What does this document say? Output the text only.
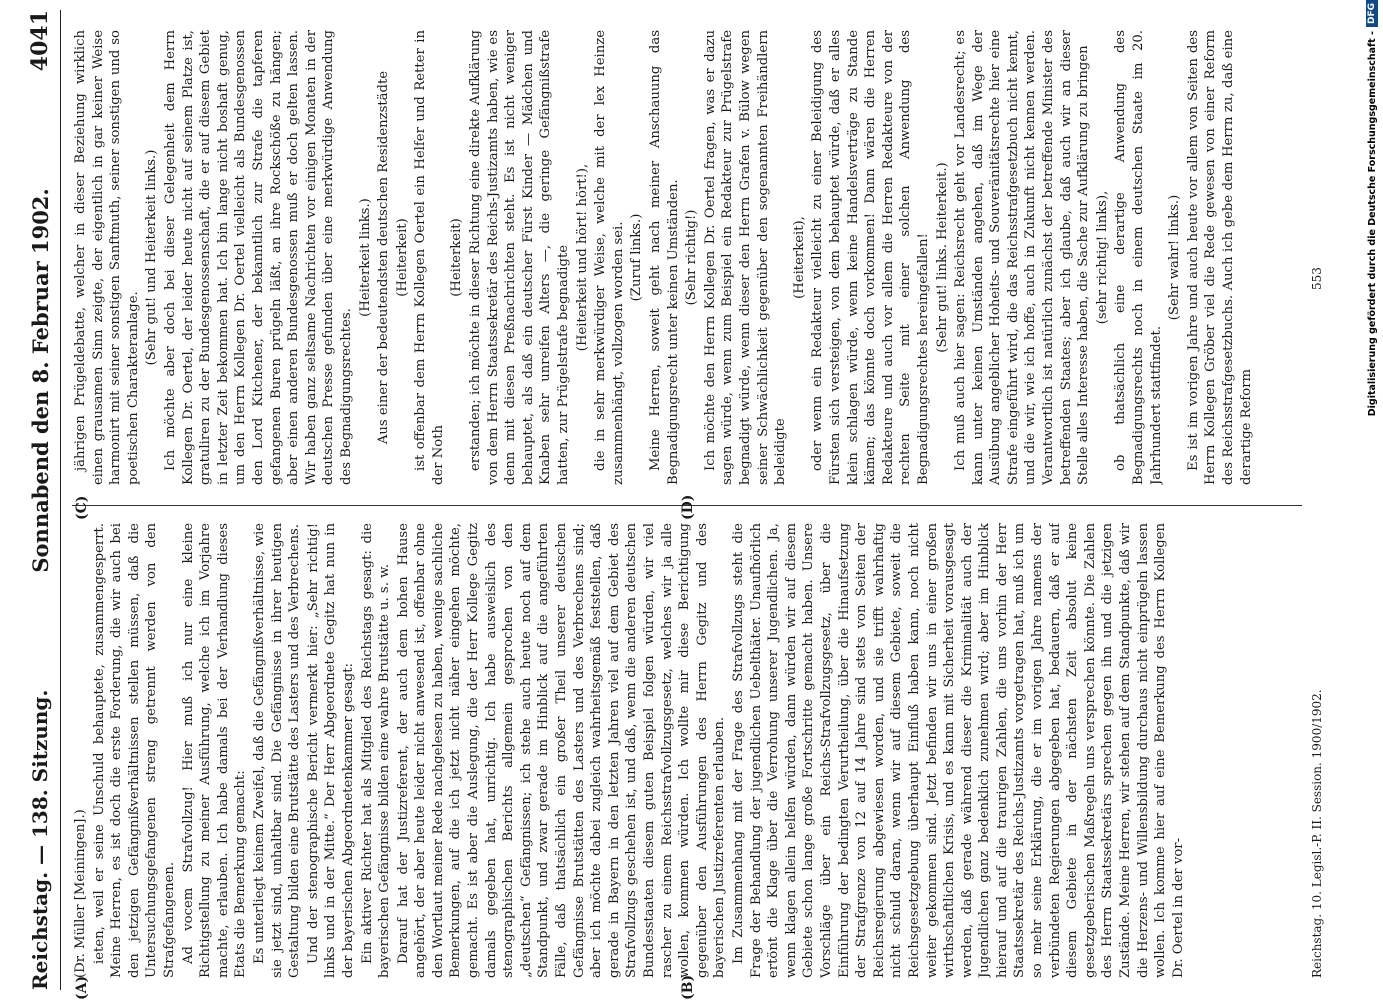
Reichstag. — 138. Sitzung.
Sonnabend den 8. Februar 1902.
4041

(Dr. Müller [Meiningen].) ieten, weil er seine Unschuld behauptete, zusammengesperrt. Meine Herren, es ist doch die erste Forderung, die wir auch bei den jetzigen Gefängnißverhältnissen stellen müssen, daß die Untersuchungsgefangenen streng getrennt werden von den Strafgefangenen. Ad vocem Strafvollzug! Hier muß ich nur eine kleine Richtigstellung zu meiner Ausführung, welche ich im Vorjahre machte, erlauben. Ich habe damals bei der Verhandlung dieses Etats die Bemerkung gemacht: Es unterliegt keinem Zweifel, daß die Gefängnißverhältnisse, wie sie jetzt sind, unhaltbar sind. Die Gefängnisse in ihrer heutigen Gestaltung bilden eine Brutstätte des Lasters und des Verbrechens. Und der stenographische Bericht vermerkt hier: „Sehr richtig! links und in der Mitte.“ Der Herr Abgeordnete Gegitz hat nun in der bayerischen Abgeordnetenkammer gesagt: Ein aktiver Richter hat als Mitglied des Reichstags gesagt: die bayerischen Gefängnisse bilden eine wahre Brutstätte u. s. w. Darauf hat der Justizreferent, der auch dem hohen Hause angehört, der aber heute leider nicht anwesend ist, offenbar ohne den Wortlaut meiner Rede nachgelesen zu haben, wenige sachliche Bemerkungen, auf die ich jetzt nicht näher eingehen möchte, gemacht. Es ist aber die Auslegung, die der Herr Kollege Gegitz damals gegeben hat, unrichtig. Ich habe ausweislich des stenographischen Berichts allgemein gesprochen von den „deutschen“ Gefängnissen; ich stehe auch heute noch auf dem Standpunkt, und zwar gerade im Hinblick auf die angeführten Fälle, daß thatsächlich ein großer Theil unserer deutschen Gefängnisse Brutstätten des Lasters und des Verbrechens sind; aber ich möchte dabei zugleich wahrheitsgemäß feststellen, daß gerade in Bayern in den letzten Jahren viel auf dem Gebiet des Strafvollzugs geschehen ist, und daß, wenn die anderen deutschen Bundesstaaten diesem guten Beispiel folgen würden, wir viel rascher zu einem Reichsstrafvollzugsgesetz, welches wir ja alle wollen, kommen würden. Ich wollte mir diese Berichtigung gegenüber den Ausführungen des Herrn Gegitz und des bayerischen Justizreferenten erlauben. Im Zusammenhang mit der Frage des Strafvollzugs steht die Frage der Behandlung der jugendlichen Uebelthäter. Unaufhörlich ertönt die Klage über die Verrohung unserer Jugendlichen. Ja, wenn klagen allein helfen würden, dann würden wir auf diesem Gebiete schon lange große Fortschritte gemacht haben. Unsere Vorschläge über ein Reichs-Strafvollzugsgesetz, über die Einführung der bedingten Verurtheilung, über die Hinaufsetzung der Strafgrenze von 12 auf 14 Jahre sind stets von Seiten der Reichsregierung abgewiesen worden, und sie trifft wahrhaftig nicht schuld daran, wenn wir auf diesem Gebiete, soweit die Reichsgesetzgebung überhaupt Einfluß haben kann, noch nicht weiter gekommen sind. Jetzt befinden wir uns in einer großen wirthschaftlichen Krisis, und es kann mit Sicherheit vorausgesagt werden, daß gerade während dieser die Kriminalität auch der Jugendlichen ganz bedenklich zunehmen wird; aber im Hinblick hierauf und auf die traurigen Zahlen, die uns vorhin der Herr Staatssekretär des Reichs-Justizamts vorgetragen hat, muß ich um so mehr seine Erklärung, die er im vorigen Jahre namens der verbündeten Regierungen abgegeben hat, bedauern, daß er auf diesem Gebiete in der nächsten Zeit absolut keine gesetzgeberischen Maßregeln uns versprechen könnte. Die Zahlen des Herrn Staatssekretärs sprechen gegen ihn und die jetzigen Zustände. Meine Herren, wir stehen auf dem Standpunkte, daß wir die Herzens- und Willensbildung durchaus nicht einprügeln lassen wollen. Ich komme hier auf eine Bemerkung des Herrn Kollegen Dr. Oertel in der vor-

jährigen Prügeldebatte, welcher in dieser Beziehung wirklich einen grausamen Sinn zeigte, der eigentlich in gar keiner Weise harmonirt mit seiner sonstigen Sanftmuth, seiner sonstigen und so poetischen Charakteranlage.

(Sehr gut! und Heiterkeit links.) Ich möchte aber doch bei dieser Gelegenheit dem Herrn Kollegen Dr. Oertel, der leider heute nicht auf seinem Platze ist, gratuliren zu der Bundesgenossenschaft, die er auf diesem Gebiet in letzter Zeit bekommen hat. Ich bin lange nicht boshaft genug, um den Herrn Kollegen Dr. Oertel vielleicht als Bundesgenossen den Lord Kitchener, der bekanntlich zur Strafe die tapferen gefangenen Buren prügeln läßt, an ihre Rockschöße zu hängen; aber einen anderen Bundesgenossen muß er doch gelten lassen. Wir haben ganz seltsame Nachrichten vor einigen Monaten in der deutschen Presse gefunden über eine merkwürdige Anwendung des Begnadigungsrechtes.

(Heiterkeit links.) Aus einer der bedeutendsten deutschen Residenzstädte (Heiterkeit) ist offenbar dem Herrn Kollegen Oertel ein Helfer und Retter in der Noth

(Heiterkeit) erstanden; ich möchte in dieser Richtung eine direkte Aufklärung von dem Herrn Staatssekretär des Reichs-Justizamts haben, wie es denn mit diesen Preßnachrichten steht. Es ist nicht weniger behauptet, als daß ein deutscher Fürst Kinder — Mädchen und Knaben sehr unreifen Alters —, die geringe Gefängnißstrafe hatten, zur Prügelstrafe begnadigte (Heiterkeit und hört! hört!), die in sehr merkwürdiger Weise, welche mit der lex Heinze zusammenhängt, vollzogen worden sei. (Zuruf links.) Meine Herren, soweit geht nach meiner Anschauung das Begnadigungsrecht unter keinen Umständen. (Sehr richtig!) Ich möchte den Herrn Kollegen Dr. Oertel fragen, was er dazu sagen würde, wenn zum Beispiel ein Redakteur zur Prügelstrafe begnadigt würde, wenn dieser den Herrn Grafen v. Bülow wegen seiner Schwächlichkeit gegenüber den sogenannten Freihändlern beleidigte

(Heiterkeit), oder wenn ein Redakteur vielleicht zu einer Beleidigung des Fürsten sich versteigen, von dem behauptet würde, daß er alles klein schlagen würde, wenn keine Handelsverträge zu Stande kämen; das könnte doch vorkommen! Dann wären die Herren Redakteure und auch vor allem die Herren Redakteure von der rechten Seite mit einer solchen Anwendung des Begnadigungsrechtes hereingefallen! (Sehr gut! links. Heiterkeit.) Ich muß auch hier sagen: Reichsrecht geht vor Landesrecht; es kann unter keinen Umständen angehen, daß im Wege der Ausübung angeblicher Hoheits- und Souveränitätsrechte hier eine Strafe eingeführt wird, die das Reichsstrafgesetzbuch nicht kennt, und die wir, wie ich hoffe, auch in Zukunft nicht kennen werden. Verantwortlich ist natürlich zunächst der betreffende Minister des betreffenden Staates; aber ich glaube, daß auch wir an dieser Stelle alles Interesse haben, die Sache zur Aufklärung zu bringen (sehr richtig! links), ob thatsächlich eine derartige Anwendung des Begnadigungsrechts noch in einem deutschen Staate im 20. Jahrhundert stattfindet.

(Sehr wahr! links.) Es ist im vorigen Jahre und auch heute vor allem von Seiten des Herrn Kollegen Gröber viel die Rede gewesen von einer Reform des Reichsstrafgesetzbuchs. Auch ich gebe dem Herrn zu, daß eine derartige Reform

(A)	(B)
(C)	(D)
Reichstag. 10. Legisl.-P. II. Session. 1900/1902.
553	Digitalisierung gefördert durch die Deutsche Forschungsgemeinschaft -
DFG
